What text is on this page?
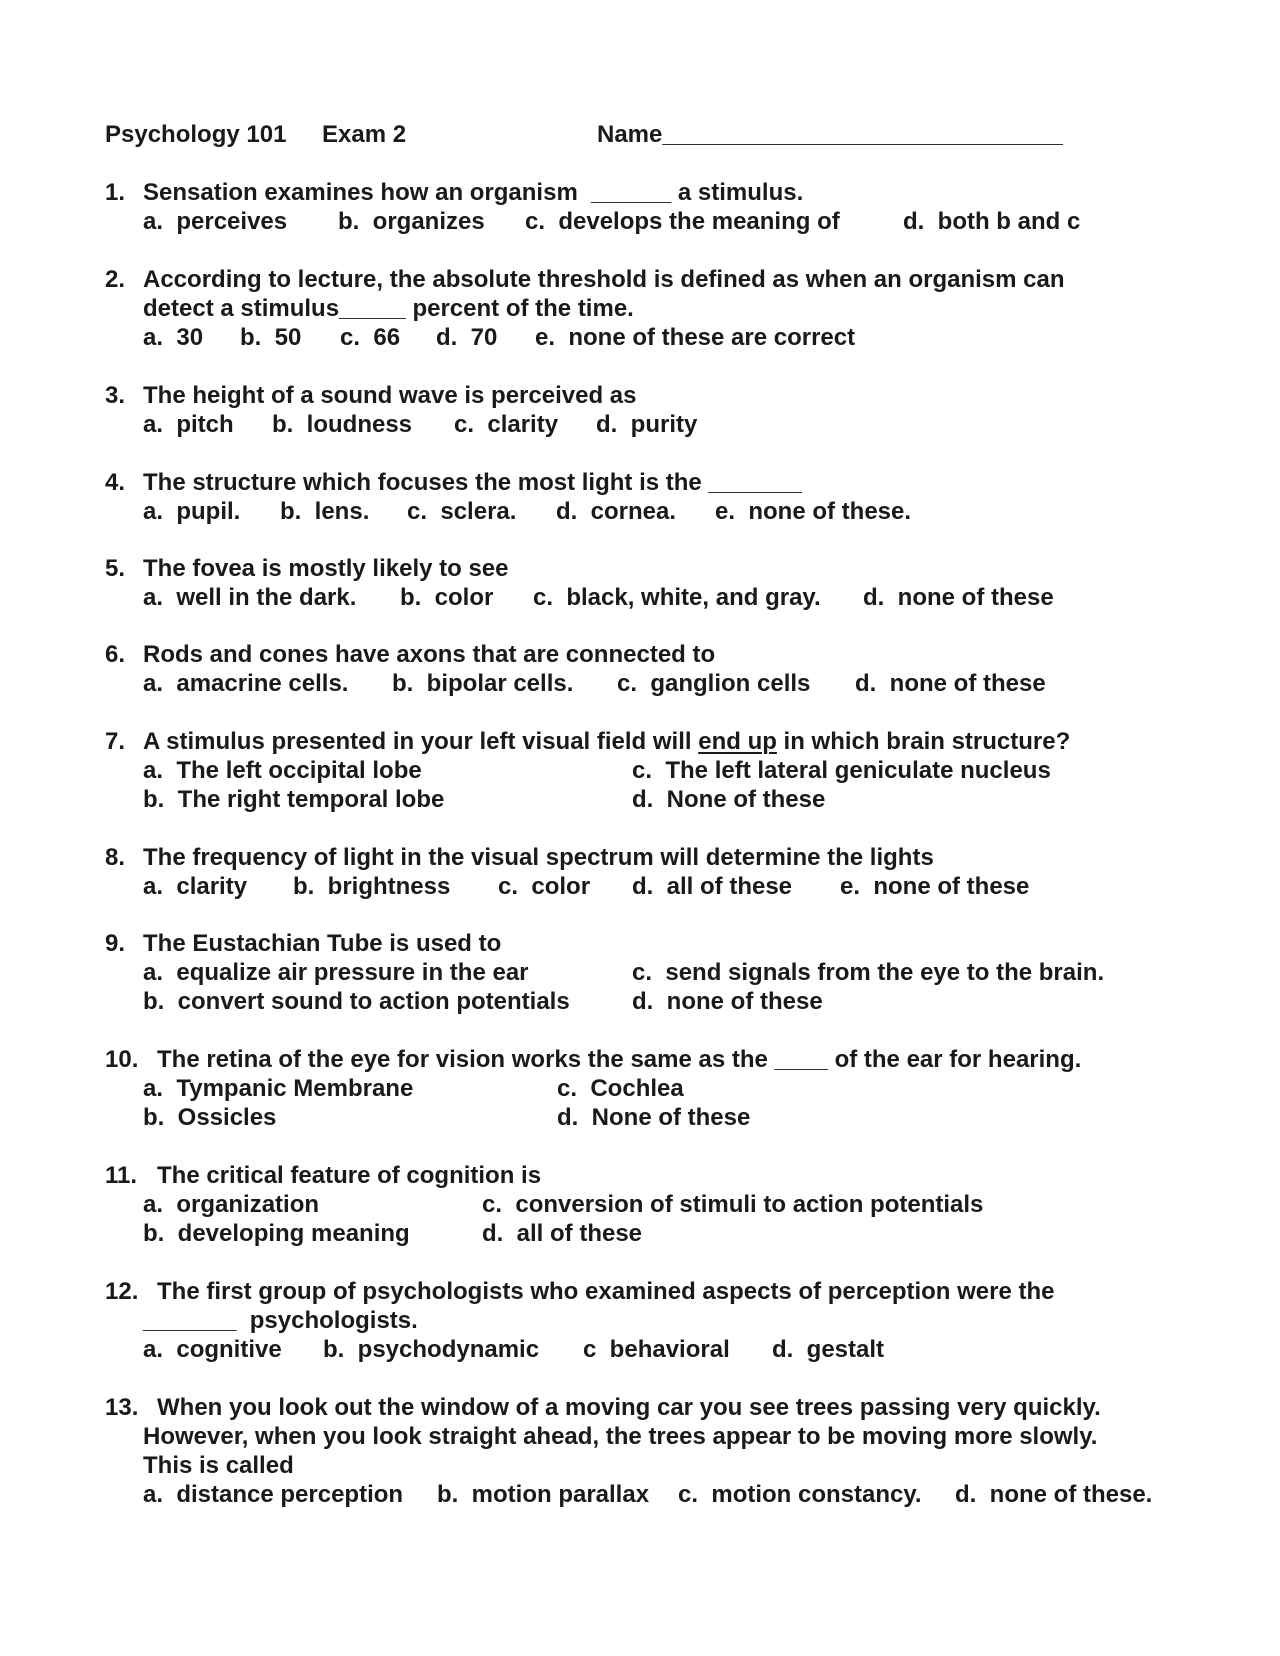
Psychology 101 Exam 2	Name______________________________
1. Sensation examines how an organism  ______ a stimulus.
a.  perceives b.  organizes c.  develops the meaning of	d.  both b and c
2. According to lecture, the absolute threshold is defined as when an organism can
detect a stimulus_____ percent of the time.
a.  30 b.  50 c.  66 d.  70 e.  none of these are correct
3. The height of a sound wave is perceived as
a.  pitch b.  loudness c.  clarity d.  purity
4. The structure which focuses the most light is the _______
a.  pupil. b.  lens. c.  sclera. d.  cornea. e.  none of these.
5. The fovea is mostly likely to see
a.  well in the dark. b.  color c.  black, white, and gray. d.  none of these
6. Rods and cones have axons that are connected to
a.  amacrine cells. b.  bipolar cells. c.  ganglion cells d.  none of these
7. A stimulus presented in your left visual field will end up in which brain structure?
a.  The left occipital lobe	c.  The left lateral geniculate nucleus
b.  The right temporal lobe	d.  None of these
8. The frequency of light in the visual spectrum will determine the lights
a.  clarity b.  brightness c.  color d.  all of these e.  none of these
9. The Eustachian Tube is used to
a.  equalize air pressure in the ear	c.  send signals from the eye to the brain.
b.  convert sound to action potentials	d.  none of these
10. The retina of the eye for vision works the same as the ____ of the ear for hearing.
a.  Tympanic Membrane	c.  Cochlea
b.  Ossicles	d.  None of these
11. The critical feature of cognition is
a.  organization	c.  conversion of stimuli to action potentials
b.  developing meaning	d.  all of these
12. The first group of psychologists who examined aspects of perception were the
_______  psychologists.
a.  cognitive b.  psychodynamic c  behavioral d.  gestalt
13. When you look out the window of a moving car you see trees passing very quickly.
However, when you look straight ahead, the trees appear to be moving more slowly.
This is called
a.  distance perception b.  motion parallax c.  motion constancy. d.  none of these.
